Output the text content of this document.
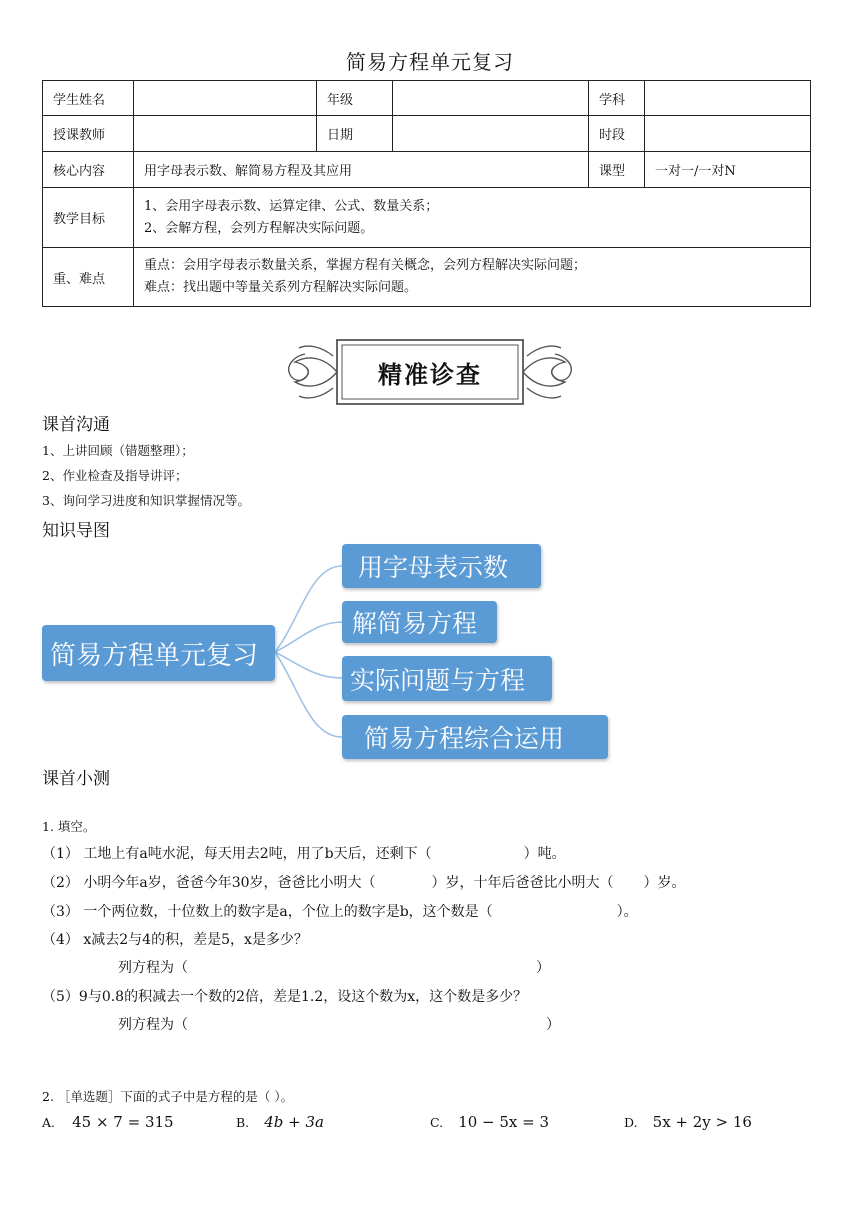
简易方程单元复习
学生姓名		年级		学科	
授课教师		日期		时段	
核心内容	用字母表示数、解简易方程及其应用			课型	一对一/一对N
教学目标	1、会用字母表示数、运算定律、公式、数量关系；
2、会解方程，会列方程解决实际问题。				

重、难点	重点：会用字母表示数量关系，掌握方程有关概念，会列方程解决实际问题；
难点：找出题中等量关系列方程解决实际问题。				
精准诊查
课首沟通
1、上讲回顾（错题整理）；
2、作业检查及指导讲评；
3、询问学习进度和知识掌握情况等。
知识导图
简易方程单元复习
用字母表示数
解简易方程
实际问题与方程
简易方程综合运用
课首小测
1. 填空。
（1） 工地上有a吨水泥，每天用去2吨，用了b天后，还剩下（	）吨。
（2） 小明今年a岁，爸爸今年30岁，爸爸比小明大（	）岁，十年后爸爸比小明大（ ）岁。
（3） 一个两位数，十位数上的数字是a，个位上的数字是b，这个数是（	）。
（4） x减去2与4的积，差是5，x是多少？
列方程为（	）
（5）9与0.8的积减去一个数的2倍，差是1.2，设这个数为x，这个数是多少？
列方程为（	）
2. ［单选题］下面的式子中是方程的是（ ）。
A. 45 × 7 = 315	B. 4b + 3a	C. 10 − 5x = 3	D. 5x + 2y > 16
